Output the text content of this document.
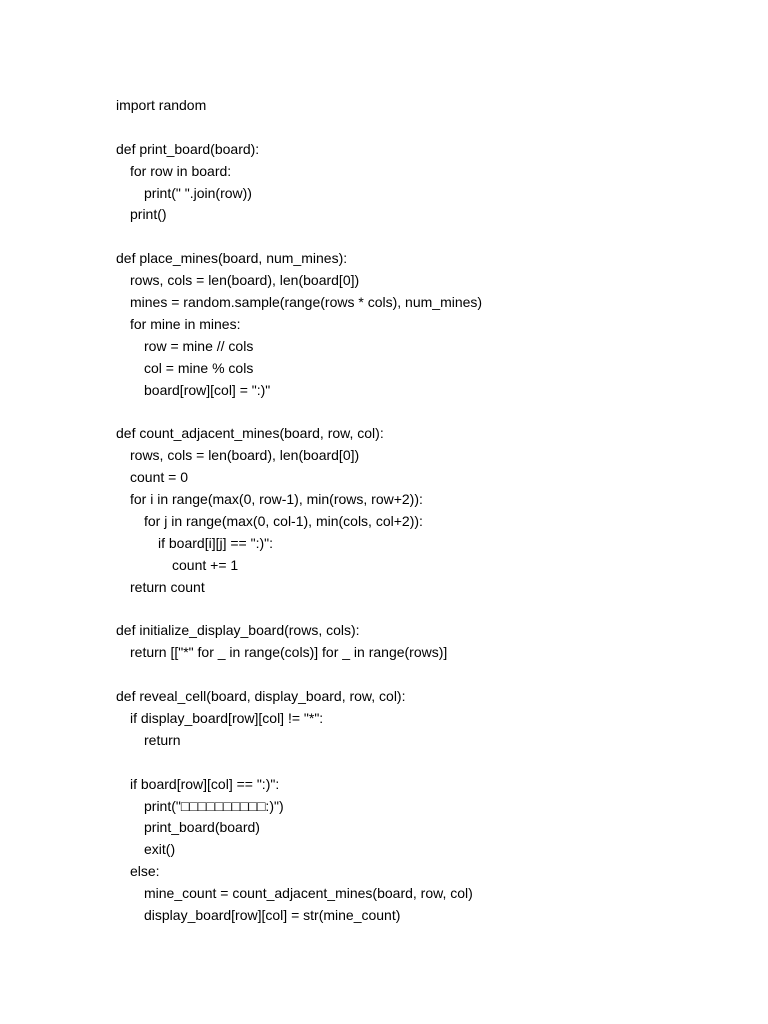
import random
def print_board(board):
for row in board:
print(" ".join(row))
print()
def place_mines(board, num_mines):
rows, cols = len(board), len(board[0])
mines = random.sample(range(rows * cols), num_mines)
for mine in mines:
row = mine // cols
col = mine % cols
board[row][col] = ":)"
def count_adjacent_mines(board, row, col):
rows, cols = len(board), len(board[0])
count = 0
for i in range(max(0, row-1), min(rows, row+2)):
for j in range(max(0, col-1), min(cols, col+2)):
if board[i][j] == ":)":
count += 1
return count
def initialize_display_board(rows, cols):
return [["*" for _ in range(cols)] for _ in range(rows)]
def reveal_cell(board, display_board, row, col):
if display_board[row][col] != "*":
return
if board[row][col] == ":)":
print("□□□□□□□□□□:)")
print_board(board)
exit()
else:
mine_count = count_adjacent_mines(board, row, col)
display_board[row][col] = str(mine_count)
